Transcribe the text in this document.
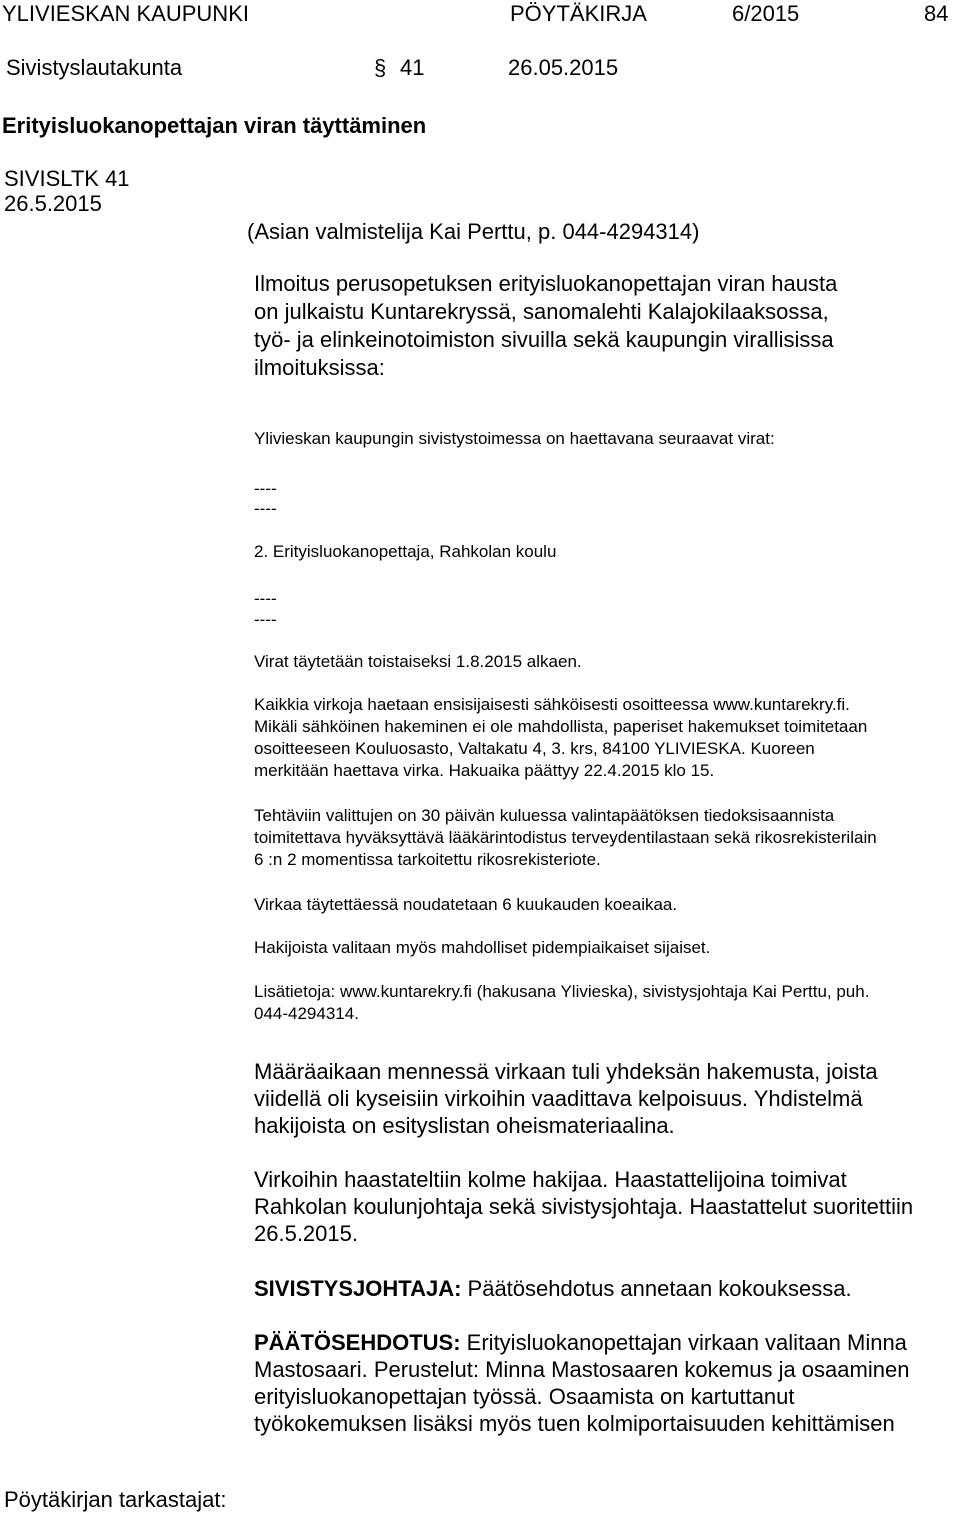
YLIVIESKAN KAUPUNKI	PÖYTÄKIRJA	6/2015	84
Sivistyslautakunta	§ 41	26.05.2015
Erityisluokanopettajan viran täyttäminen
SIVISLTK 41
26.5.2015
(Asian valmistelija Kai Perttu, p. 044-4294314)

Ilmoitus perusopetuksen erityisluokanopettajan viran hausta

on julkaistu Kuntarekryssä, sanomalehti Kalajokilaaksossa,

työ- ja elinkeinotoimiston sivuilla sekä kaupungin virallisissa

ilmoituksissa:

Ylivieskan kaupungin sivistystoimessa on haettavana seuraavat virat:
----
----
2. Erityisluokanopettaja, Rahkolan koulu
----
----
Virat täytetään toistaiseksi 1.8.2015 alkaen.

Kaikkia virkoja haetaan ensisijaisesti sähköisesti osoitteessa www.kuntarekry.fi.

Mikäli sähköinen hakeminen ei ole mahdollista, paperiset hakemukset toimitetaan

osoitteeseen Kouluosasto, Valtakatu 4, 3. krs, 84100 YLIVIESKA. Kuoreen

merkitään haettava virka. Hakuaika päättyy 22.4.2015 klo 15.

Tehtäviin valittujen on 30 päivän kuluessa valintapäätöksen tiedoksisaannista

toimitettava hyväksyttävä lääkärintodistus terveydentilastaan sekä rikosrekisterilain

6 :n 2 momentissa tarkoitettu rikosrekisteriote.

Virkaa täytettäessä noudatetaan 6 kuukauden koeaikaa.
Hakijoista valitaan myös mahdolliset pidempiaikaiset sijaiset.

Lisätietoja: www.kuntarekry.fi (hakusana Ylivieska), sivistysjohtaja Kai Perttu, puh.

044-4294314.

Määräaikaan mennessä virkaan tuli yhdeksän hakemusta, joista

viidellä oli kyseisiin virkoihin vaadittava kelpoisuus. Yhdistelmä

hakijoista on esityslistan oheismateriaalina.

Virkoihin haastateltiin kolme hakijaa. Haastattelijoina toimivat

Rahkolan koulunjohtaja sekä sivistysjohtaja. Haastattelut suoritettiin

26.5.2015.

SIVISTYSJOHTAJA: Päätösehdotus annetaan kokouksessa.

PÄÄTÖSEHDOTUS: Erityisluokanopettajan virkaan valitaan Minna

Mastosaari. Perustelut: Minna Mastosaaren kokemus ja osaaminen

erityisluokanopettajan työssä. Osaamista on kartuttanut

työkokemuksen lisäksi myös tuen kolmiportaisuuden kehittämisen

Pöytäkirjan tarkastajat:
